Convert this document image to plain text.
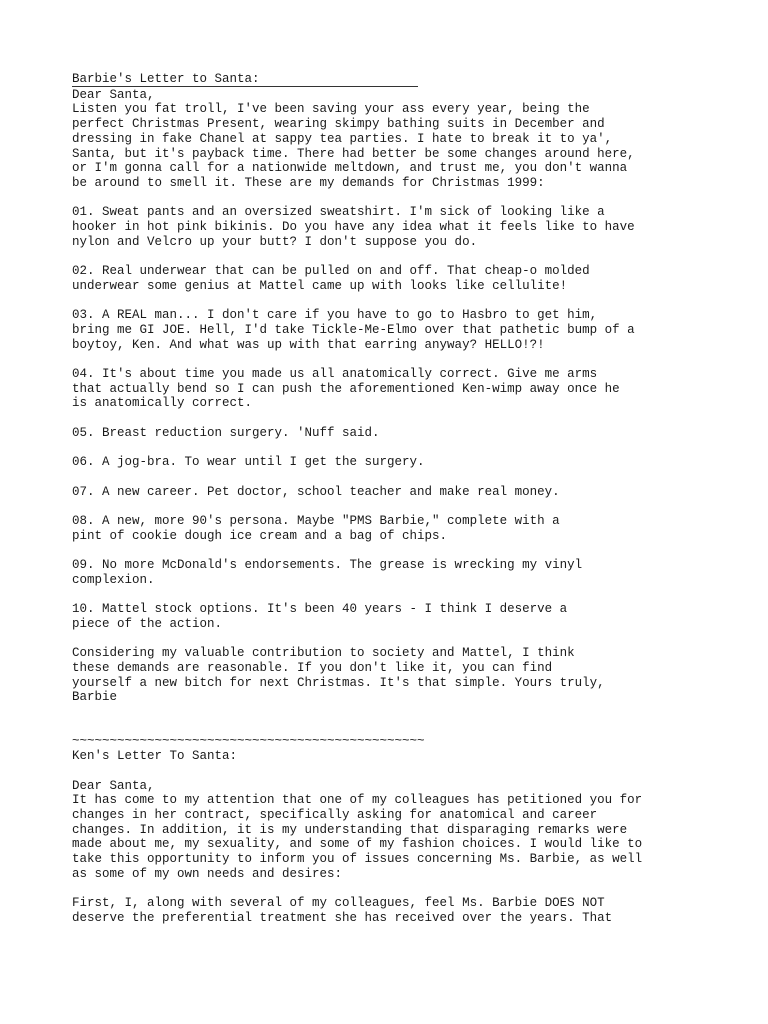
Barbie's Letter to Santa:
Dear Santa,
Listen you fat troll, I've been saving your ass every year, being the
perfect Christmas Present, wearing skimpy bathing suits in December and
dressing in fake Chanel at sappy tea parties. I hate to break it to ya',
Santa, but it's payback time. There had better be some changes around here,
or I'm gonna call for a nationwide meltdown, and trust me, you don't wanna
be around to smell it. These are my demands for Christmas 1999:
01. Sweat pants and an oversized sweatshirt. I'm sick of looking like a
hooker in hot pink bikinis. Do you have any idea what it feels like to have
nylon and Velcro up your butt? I don't suppose you do.
02. Real underwear that can be pulled on and off. That cheap-o molded
underwear some genius at Mattel came up with looks like cellulite!
03. A REAL man... I don't care if you have to go to Hasbro to get him,
bring me GI JOE. Hell, I'd take Tickle-Me-Elmo over that pathetic bump of a
boytoy, Ken. And what was up with that earring anyway? HELLO!?!
04. It's about time you made us all anatomically correct. Give me arms
that actually bend so I can push the aforementioned Ken-wimp away once he
is anatomically correct.
05. Breast reduction surgery. 'Nuff said.
06. A jog-bra. To wear until I get the surgery.
07. A new career. Pet doctor, school teacher and make real money.
08. A new, more 90's persona. Maybe "PMS Barbie," complete with a
pint of cookie dough ice cream and a bag of chips.
09. No more McDonald's endorsements. The grease is wrecking my vinyl
complexion.
10. Mattel stock options. It's been 40 years - I think I deserve a
piece of the action.
Considering my valuable contribution to society and Mattel, I think
these demands are reasonable. If you don't like it, you can find
yourself a new bitch for next Christmas. It's that simple. Yours truly,
Barbie
~~~~~~~~~~~~~~~~~~~~~~~~~~~~~~~~~~~~~~~~~~~~~~~
Ken's Letter To Santa:
Dear Santa,
It has come to my attention that one of my colleagues has petitioned you for
changes in her contract, specifically asking for anatomical and career
changes. In addition, it is my understanding that disparaging remarks were
made about me, my sexuality, and some of my fashion choices. I would like to
take this opportunity to inform you of issues concerning Ms. Barbie, as well
as some of my own needs and desires:
First, I, along with several of my colleagues, feel Ms. Barbie DOES NOT
deserve the preferential treatment she has received over the years. That
